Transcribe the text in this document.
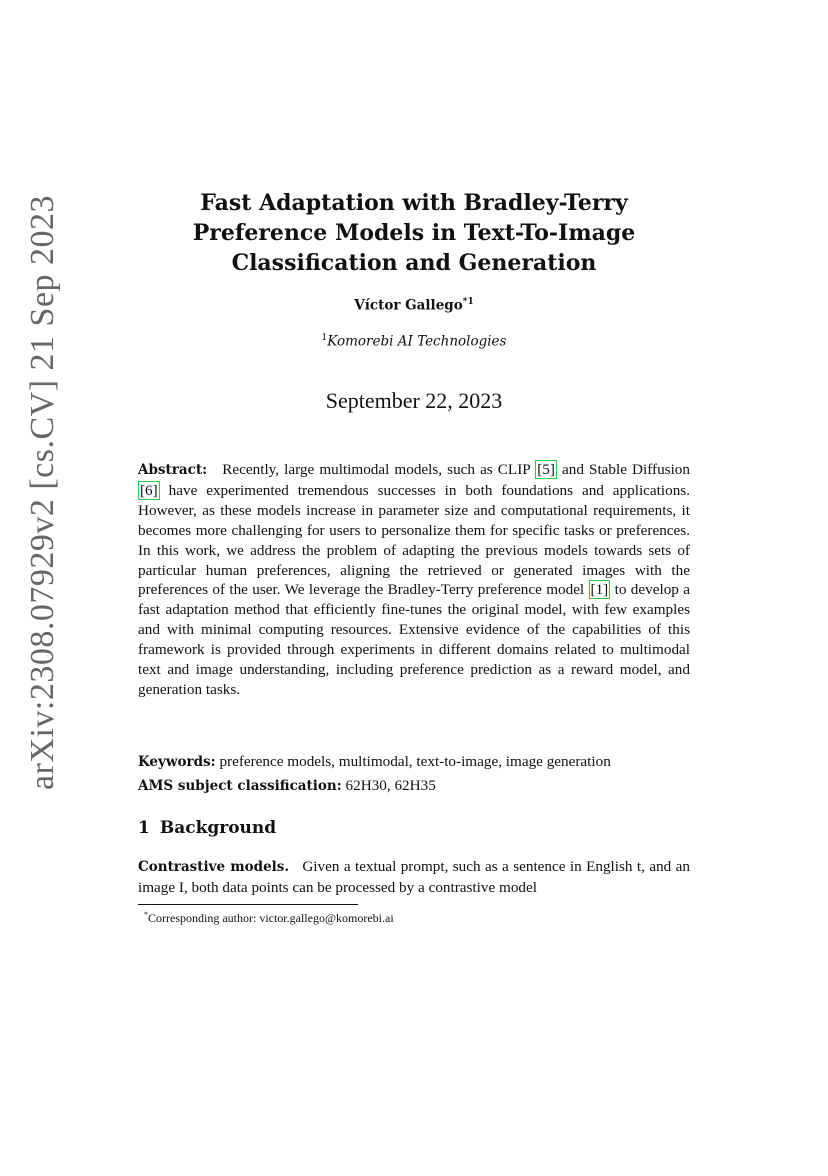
arXiv:2308.07929v2 [cs.CV] 21 Sep 2023	Fast Adaptation with Bradley-Terry Preference Models in Text-To-Image Classification and Generation
Víctor Gallego$^{*1}$
$^1$Komorebi AI Technologies
September 22, 2023

Abstract: Recently, large multimodal models, such as CLIP [5] and Stable Diffusion [6] have experimented tremendous successes in both foundations and applications. However, as these models increase in parameter size and computational requirements, it becomes more challenging for users to personalize them for specific tasks or preferences. In this work, we address the problem of adapting the previous models towards sets of particular human preferences, aligning the retrieved or generated images with the preferences of the user. We leverage the Bradley-Terry preference model [1] to develop a fast adaptation method that efficiently fine-tunes the original model, with few examples and with minimal computing resources. Extensive evidence of the capabilities of this framework is provided through experiments in different domains related to multimodal text and image understanding, including preference prediction as a reward model, and generation tasks.

Keywords: preference models, multimodal, text-to-image, image generation
AMS subject classification: 62H30, 62H35
1 Background

Contrastive models. Given a textual prompt, such as a sentence in English t, and an image I, both data points can be processed by a contrastive model

*Corresponding author: victor.gallego@komorebi.ai
